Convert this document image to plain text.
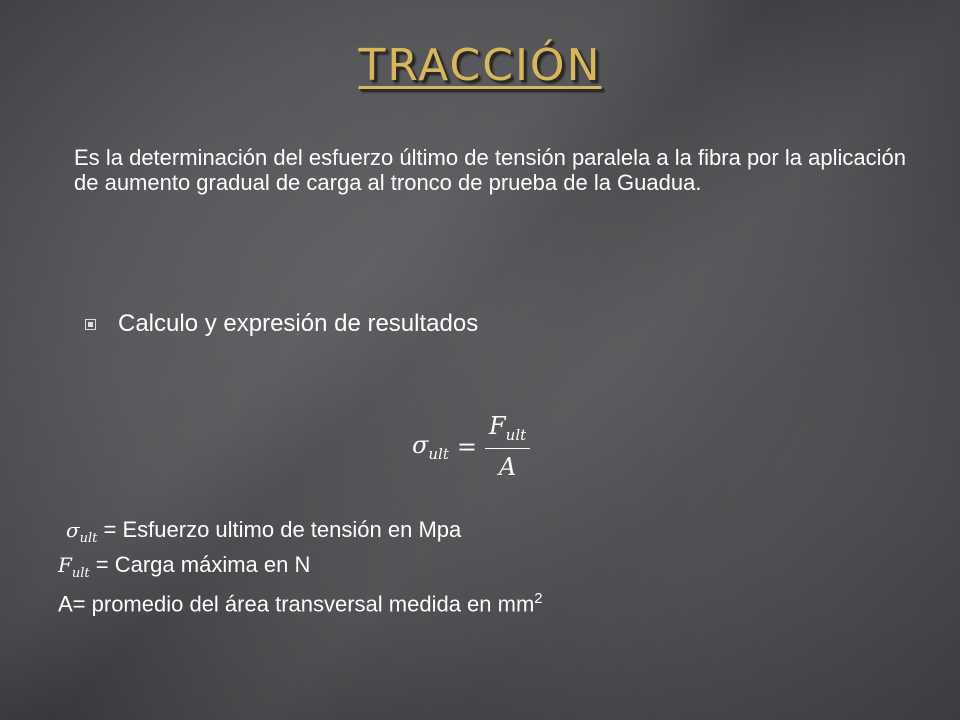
TRACCIÓN

Es la determinación del esfuerzo último de tensión paralela a la fibra por la aplicación de aumento gradual de carga al tronco de prueba de la Guadua.

Calculo y expresión de resultados
$\sigma_{ult} = \frac{F_{ult}}{A}$
$\sigma_{ult}$ = Esfuerzo ultimo de tensión en Mpa
$F_{ult}$ = Carga máxima en N
A= promedio del área transversal medida en $mm^2$
